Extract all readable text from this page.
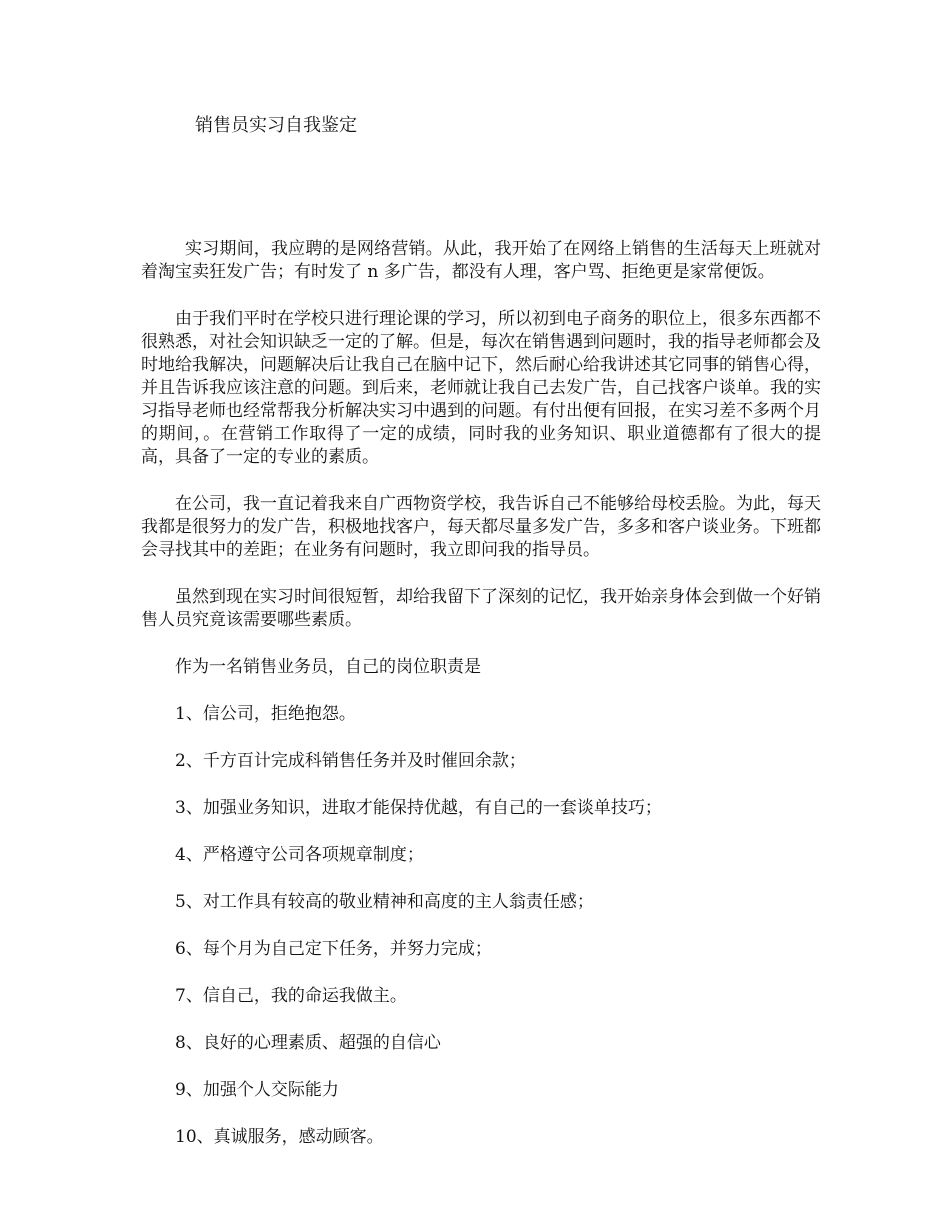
销售员实习自我鉴定

实习期间，我应聘的是网络营销。从此，我开始了在网络上销售的生活每天上班就对着淘宝卖狂发广告；有时发了 n 多广告，都没有人理，客户骂、拒绝更是家常便饭。

由于我们平时在学校只进行理论课的学习，所以初到电子商务的职位上，很多东西都不很熟悉，对社会知识缺乏一定的了解。但是，每次在销售遇到问题时，我的指导老师都会及时地给我解决，问题解决后让我自己在脑中记下，然后耐心给我讲述其它同事的销售心得，并且告诉我应该注意的问题。到后来，老师就让我自己去发广告，自己找客户谈单。我的实习指导老师也经常帮我分析解决实习中遇到的问题。有付出便有回报，在实习差不多两个月的期间，。在营销工作取得了一定的成绩，同时我的业务知识、职业道德都有了很大的提高，具备了一定的专业的素质。

在公司，我一直记着我来自广西物资学校，我告诉自己不能够给母校丢脸。为此，每天我都是很努力的发广告，积极地找客户，每天都尽量多发广告，多多和客户谈业务。下班都会寻找其中的差距；在业务有问题时，我立即问我的指导员。

虽然到现在实习时间很短暂，却给我留下了深刻的记忆，我开始亲身体会到做一个好销售人员究竟该需要哪些素质。

作为一名销售业务员，自己的岗位职责是

1、信公司，拒绝抱怨。
2、千方百计完成科销售任务并及时催回余款；
3、加强业务知识，进取才能保持优越，有自己的一套谈单技巧；
4、严格遵守公司各项规章制度；
5、对工作具有较高的敬业精神和高度的主人翁责任感；
6、每个月为自己定下任务，并努力完成；
7、信自己，我的命运我做主。
8、良好的心理素质、超强的自信心
9、加强个人交际能力
10、真诚服务，感动顾客。
